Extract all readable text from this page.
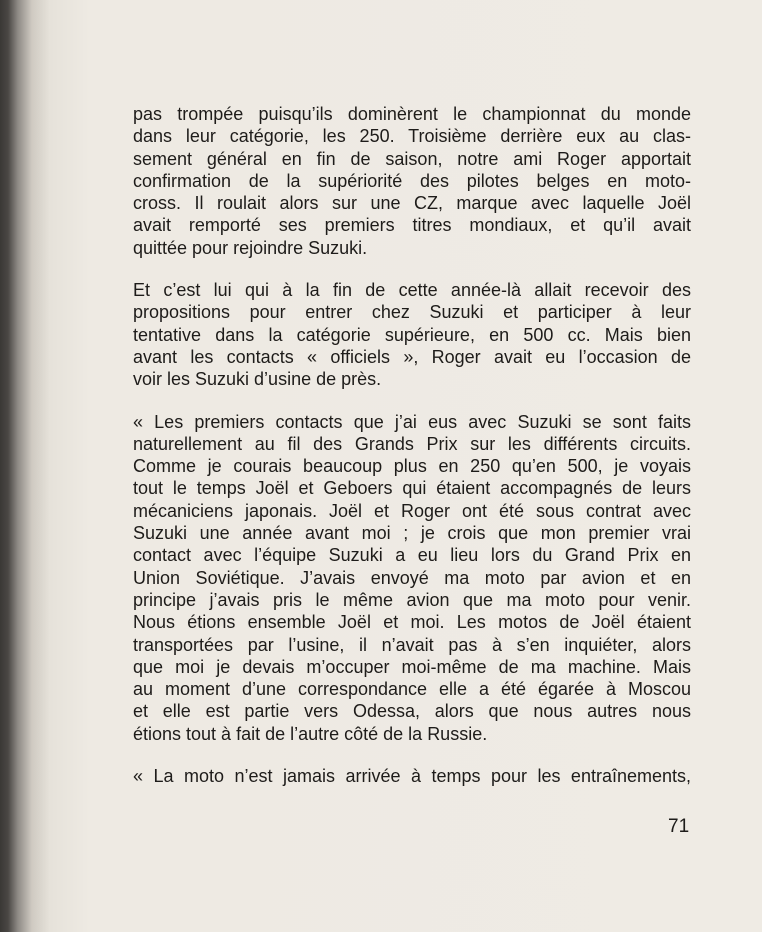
pas trompée puisqu’ils dominèrent le championnat du monde
dans leur catégorie, les 250. Troisième derrière eux au clas-
sement général en fin de saison, notre ami Roger apportait
confirmation de la supériorité des pilotes belges en moto-
cross. Il roulait alors sur une CZ, marque avec laquelle Joël
avait remporté ses premiers titres mondiaux, et qu’il avait
quittée pour rejoindre Suzuki.
Et c’est lui qui à la fin de cette année-là allait recevoir des
propositions pour entrer chez Suzuki et participer à leur
tentative dans la catégorie supérieure, en 500 cc. Mais bien
avant les contacts « officiels », Roger avait eu l’occasion de
voir les Suzuki d’usine de près.
« Les premiers contacts que j’ai eus avec Suzuki se sont faits
naturellement au fil des Grands Prix sur les différents circuits.
Comme je courais beaucoup plus en 250 qu’en 500, je voyais
tout le temps Joël et Geboers qui étaient accompagnés de leurs
mécaniciens japonais. Joël et Roger ont été sous contrat avec
Suzuki une année avant moi ; je crois que mon premier vrai
contact avec l’équipe Suzuki a eu lieu lors du Grand Prix en
Union Soviétique. J’avais envoyé ma moto par avion et en
principe j’avais pris le même avion que ma moto pour venir.
Nous étions ensemble Joël et moi. Les motos de Joël étaient
transportées par l’usine, il n’avait pas à s’en inquiéter, alors
que moi je devais m’occuper moi-même de ma machine. Mais
au moment d’une correspondance elle a été égarée à Moscou
et elle est partie vers Odessa, alors que nous autres nous
étions tout à fait de l’autre côté de la Russie.
« La moto n’est jamais arrivée à temps pour les entraînements,
71
